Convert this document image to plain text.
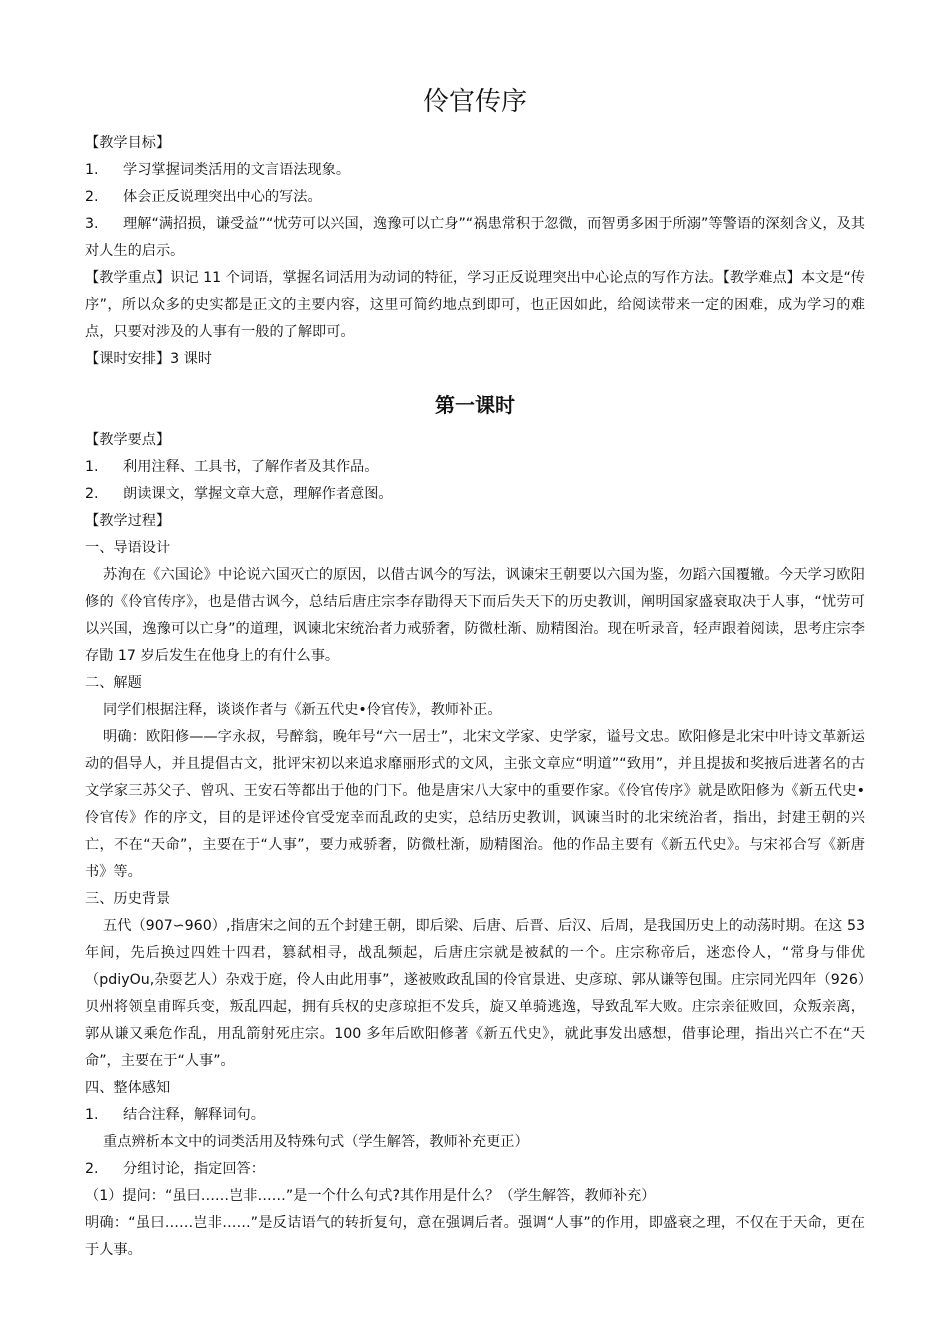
伶官传序

【教学目标】

1. 学习掌握词类活用的文言语法现象。

2. 体会正反说理突出中心的写法。

3. 理解“满招损，谦受益”“忧劳可以兴国，逸豫可以亡身”“祸患常积于忽微，而智勇多困于所溺”等警语的深刻含义，及其对人生的启示。

【教学重点】识记 11 个词语，掌握名词活用为动词的特征，学习正反说理突出中心论点的写作方法。【教学难点】本文是“传序”，所以众多的史实都是正文的主要内容，这里可简约地点到即可，也正因如此，给阅读带来一定的困难，成为学习的难点，只要对涉及的人事有一般的了解即可。

【课时安排】3 课时

第一课时

【教学要点】

1. 利用注释、工具书，了解作者及其作品。

2. 朗读课文，掌握文章大意，理解作者意图。

【教学过程】

一、导语设计

苏洵在《六国论》中论说六国灭亡的原因，以借古讽今的写法，讽谏宋王朝要以六国为鉴，勿蹈六国覆辙。今天学习欧阳修的《伶官传序》，也是借古讽今，总结后唐庄宗李存勖得天下而后失天下的历史教训，阐明国家盛衰取决于人事，“忧劳可以兴国，逸豫可以亡身”的道理，讽谏北宋统治者力戒骄奢，防微杜渐、励精图治。现在听录音，轻声跟着阅读，思考庄宗李存勖 17 岁后发生在他身上的有什么事。

二、解题

同学们根据注释，谈谈作者与《新五代史•伶官传》，教师补正。

明确：欧阳修——字永叔，号醉翁，晚年号“六一居士”，北宋文学家、史学家，谥号文忠。欧阳修是北宋中叶诗文革新运动的倡导人，并且提倡古文，批评宋初以来追求靡丽形式的文风，主张文章应“明道”“致用”，并且提拔和奖掖后进著名的古文学家三苏父子、曾巩、王安石等都出于他的门下。他是唐宋八大家中的重要作家。《伶官传序》就是欧阳修为《新五代史•伶官传》作的序文，目的是评述伶官受宠幸而乱政的史实，总结历史教训，讽谏当时的北宋统治者，指出，封建王朝的兴亡，不在“天命”，主要在于“人事”，要力戒骄奢，防微杜渐，励精图治。他的作品主要有《新五代史》。与宋祁合写《新唐书》等。

三、历史背景

五代（907∽960）,指唐宋之间的五个封建王朝，即后梁、后唐、后晋、后汉、后周，是我国历史上的动荡时期。在这 53 年间，先后换过四姓十四君，篡弑相寻，战乱频起，后唐庄宗就是被弑的一个。庄宗称帝后，迷恋伶人，“常身与俳优（pdiyOu,杂耍艺人）杂戏于庭，伶人由此用事”，遂被败政乱国的伶官景进、史彦琼、郭从谦等包围。庄宗同光四年（926）贝州将领皇甫晖兵变，叛乱四起，拥有兵权的史彦琼拒不发兵，旋又单骑逃逸，导致乱军大败。庄宗亲征败回，众叛亲离，郭从谦又乘危作乱，用乱箭射死庄宗。100 多年后欧阳修著《新五代史》，就此事发出感想，借事论理，指出兴亡不在“天命”，主要在于“人事”。

四、整体感知

1. 结合注释，解释词句。

重点辨析本文中的词类活用及特殊句式（学生解答，教师补充更正）

2. 分组讨论，指定回答：

（1）提问：“虽曰……岂非……”是一个什么句式?其作用是什么？（学生解答，教师补充）

明确：“虽曰……岂非……”是反诘语气的转折复句，意在强调后者。强调“人事”的作用，即盛衰之理，不仅在于天命，更在于人事。
